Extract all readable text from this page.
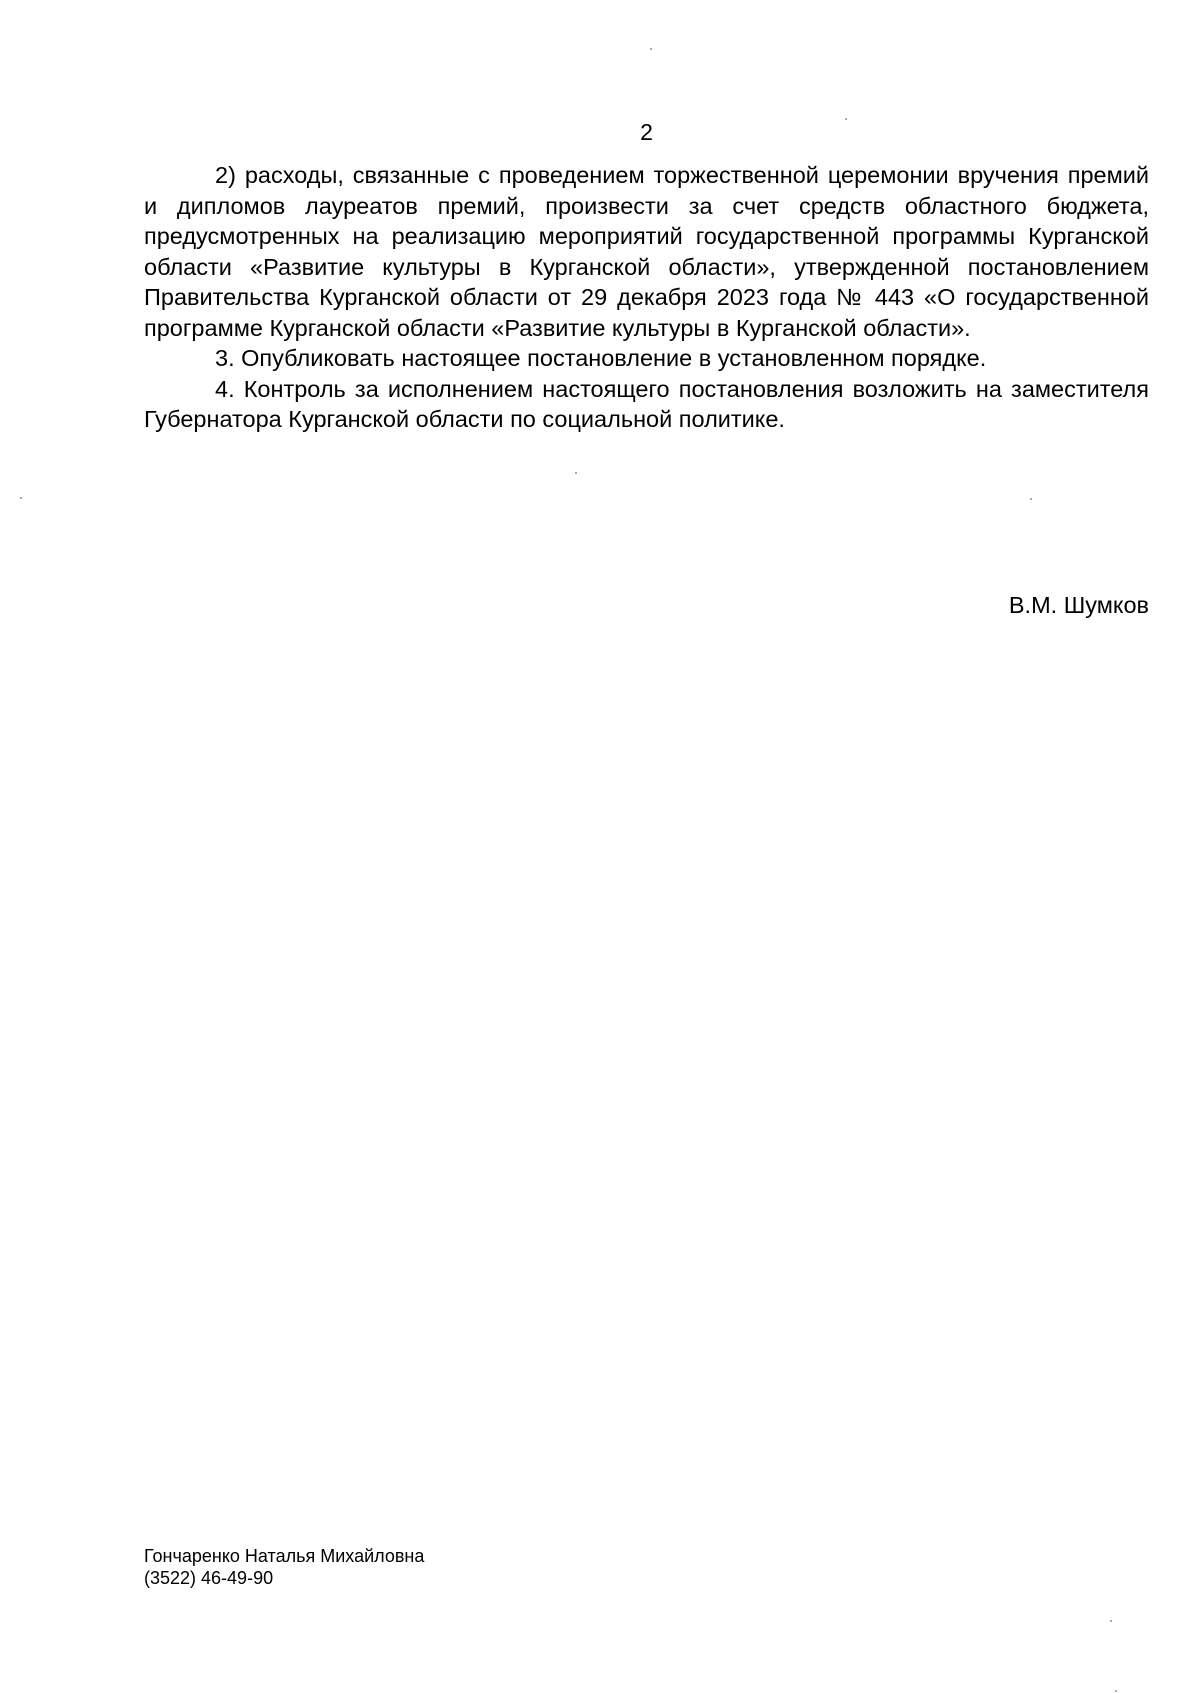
2

2) расходы, связанные с проведением торжественной церемонии вручения премий и дипломов лауреатов премий, произвести за счет средств областного бюджета, предусмотренных на реализацию мероприятий государственной программы Курганской области «Развитие культуры в Курганской области», утвержденной постановлением Правительства Курганской области от 29 декабря 2023 года № 443 «О государственной программе Курганской области «Развитие культуры в Курганской области».

3. Опубликовать настоящее постановление в установленном порядке.

4. Контроль за исполнением настоящего постановления возложить на заместителя Губернатора Курганской области по социальной политике.

В.М. Шумков
Гончаренко Наталья Михайловна
(3522) 46-49-90
